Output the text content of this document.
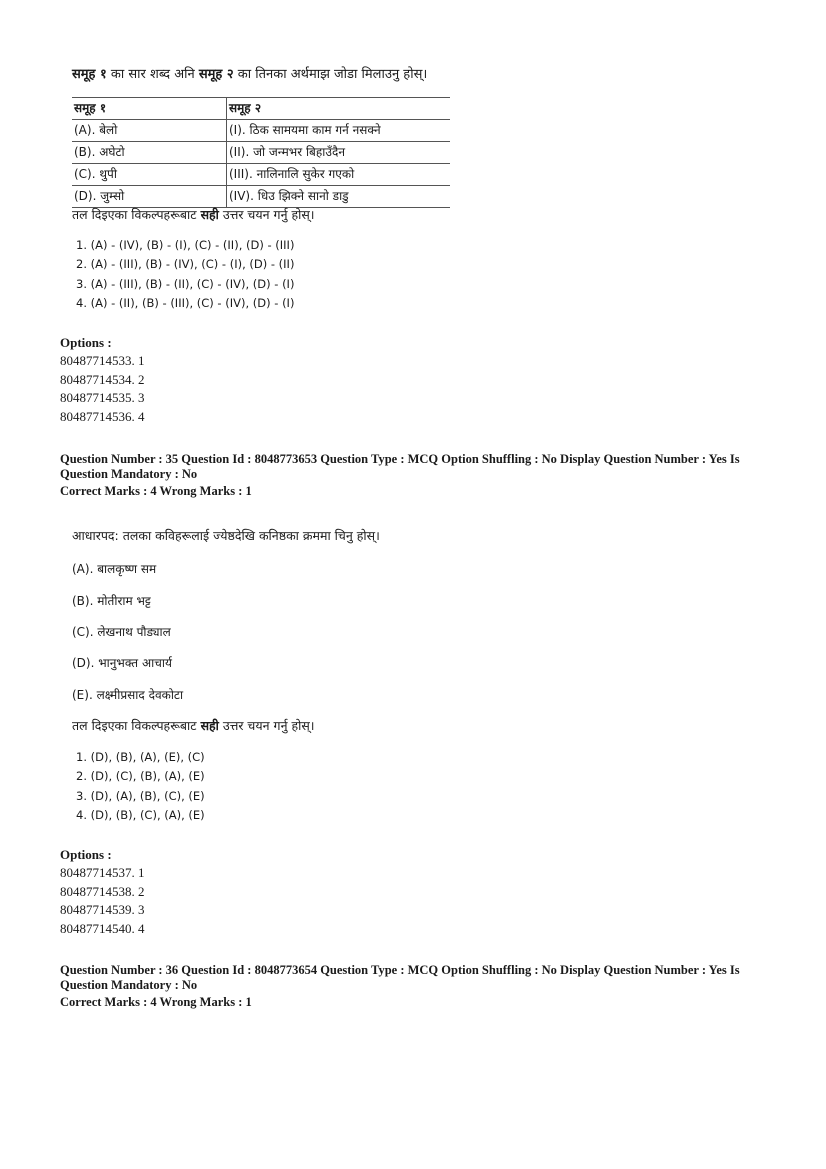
समूह १ का सार शब्द अनि समूह २ का तिनका अर्थमाझ जोडा मिलाउनु होस्।
समूह १	समूह २
(A). बेलो	(I). ठिक सामयमा काम गर्न नसक्ने
(B). अघेटो	(II). जो जन्मभर बिहाउँदैन
(C). थुपी	(III). नालिनालि सुकेर गएको
(D). जुम्सो	(IV). धिउ झिक्ने सानो डाडु
तल दिइएका विकल्पहरूबाट सही उत्तर चयन गर्नु होस्।
1. (A) - (IV), (B) - (I), (C) - (II), (D) - (III)
2. (A) - (III), (B) - (IV), (C) - (I), (D) - (II)
3. (A) - (III), (B) - (II), (C) - (IV), (D) - (I)
4. (A) - (II), (B) - (III), (C) - (IV), (D) - (I)
Options :
80487714533. 1
80487714534. 2
80487714535. 3
80487714536. 4
Question Number : 35 Question Id : 8048773653 Question Type : MCQ Option Shuffling : No Display Question Number : Yes Is
Question Mandatory : No
Correct Marks : 4 Wrong Marks : 1
आधारपद: तलका कविहरूलाई ज्येष्ठदेखि कनिष्ठका क्रममा चिनु होस्।
(A). बालकृष्ण सम
(B). मोतीराम भट्ट
(C). लेखनाथ पौड्याल
(D). भानुभक्त आचार्य
(E). लक्ष्मीप्रसाद देवकोटा
तल दिइएका विकल्पहरूबाट सही उत्तर चयन गर्नु होस्।
1. (D), (B), (A), (E), (C)
2. (D), (C), (B), (A), (E)
3. (D), (A), (B), (C), (E)
4. (D), (B), (C), (A), (E)
Options :
80487714537. 1
80487714538. 2
80487714539. 3
80487714540. 4
Question Number : 36 Question Id : 8048773654 Question Type : MCQ Option Shuffling : No Display Question Number : Yes Is
Question Mandatory : No
Correct Marks : 4 Wrong Marks : 1
